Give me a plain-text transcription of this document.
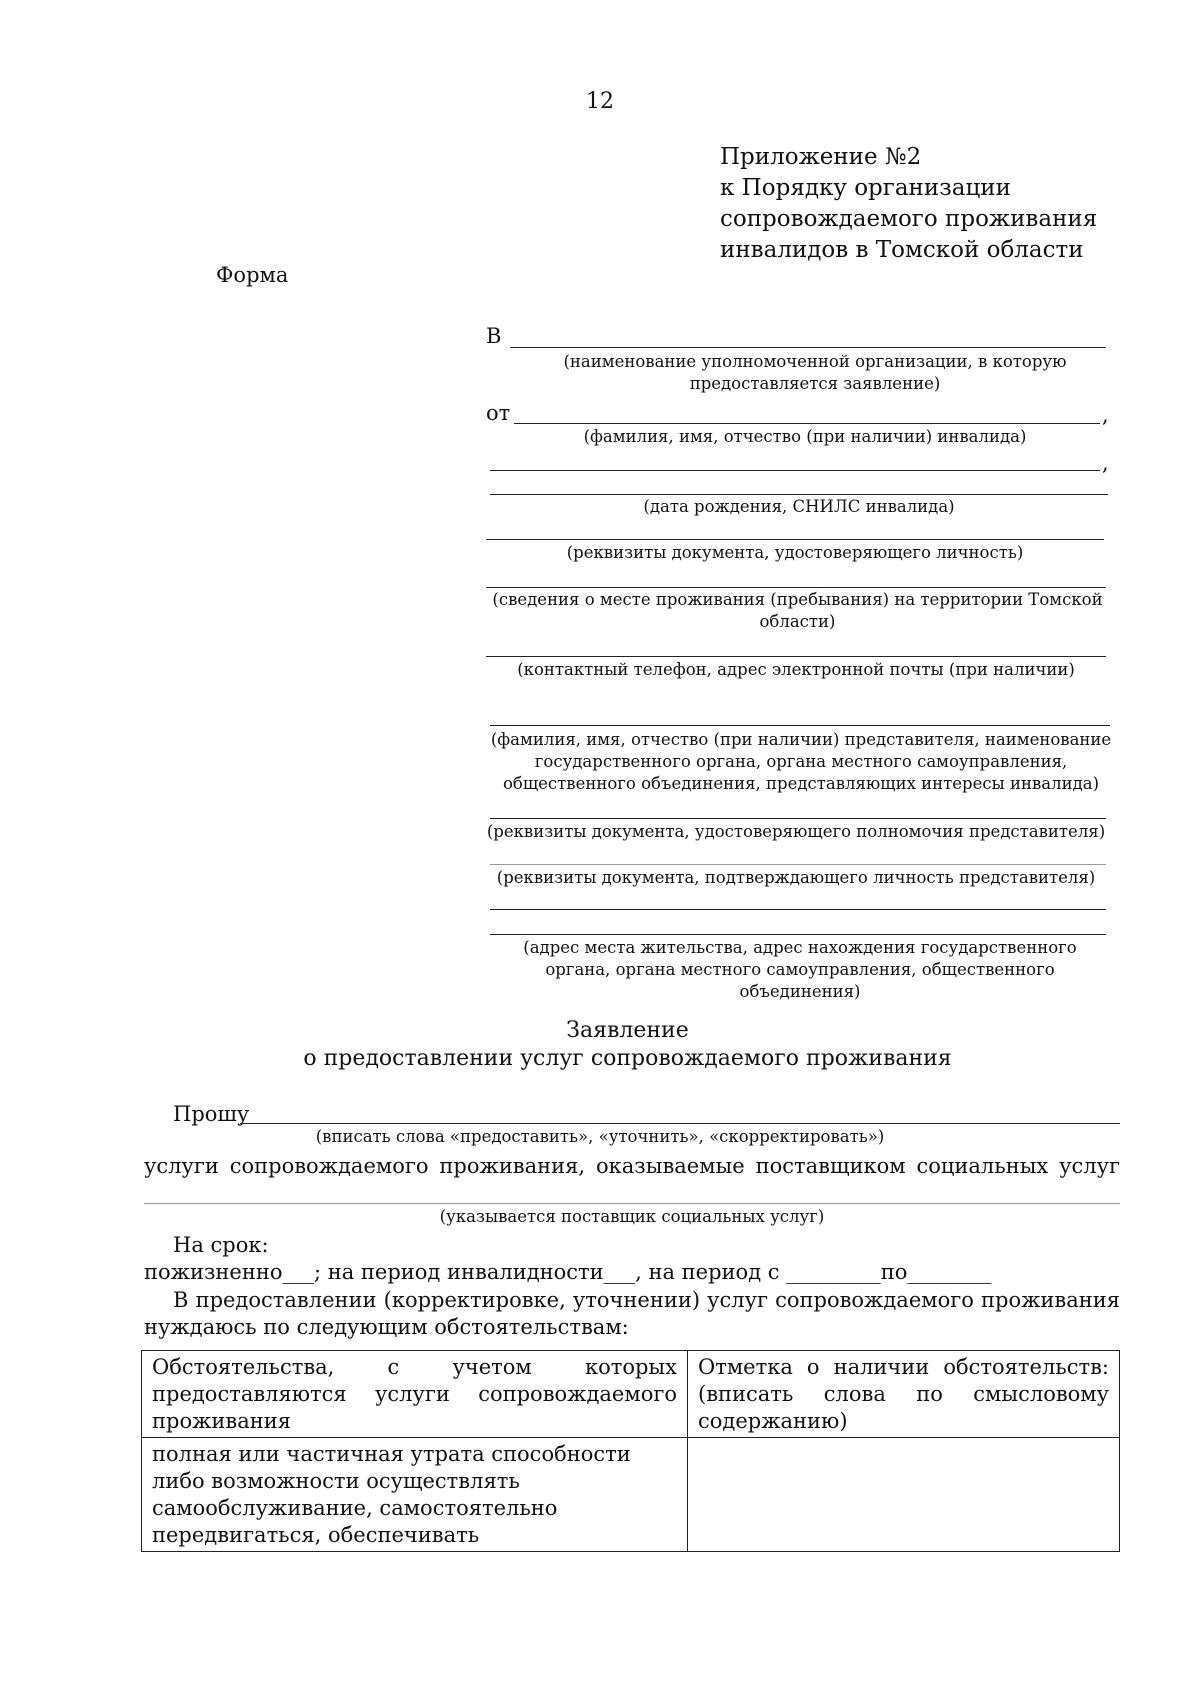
12
Приложение №2
к Порядку организации
сопровождаемого проживания
инвалидов в Томской области
Форма
В
(наименование уполномоченной организации, в которую предоставляется заявление)
от	,
(фамилия, имя, отчество (при наличии) инвалида)
,
(дата рождения, СНИЛС инвалида)
(реквизиты документа, удостоверяющего личность)
(сведения о месте проживания (пребывания) на территории Томской области)
(контактный телефон, адрес электронной почты (при наличии)
(фамилия, имя, отчество (при наличии) представителя, наименование государственного органа, органа местного самоуправления, общественного объединения, представляющих интересы инвалида)
(реквизиты документа, удостоверяющего полномочия представителя)
(реквизиты документа, подтверждающего личность представителя)
(адрес места жительства, адрес нахождения государственного органа, органа местного самоуправления, общественного объединения)
Заявление
о предоставлении услуг сопровождаемого проживания
Прошу
(вписать слова «предоставить», «уточнить», «скорректировать»)
услуги сопровождаемого проживания, оказываемые поставщиком социальных услуг
(указывается поставщик социальных услуг)
На срок:
пожизненно___; на период инвалидности___, на период с _________по________
В предоставлении (корректировке, уточнении) услуг сопровождаемого проживания нуждаюсь по следующим обстоятельствам:
Обстоятельства, с учетом которых предоставляются услуги сопровождаемого проживания	Отметка о наличии обстоятельств: (вписать слова по смысловому содержанию)
полная или частичная утрата способности либо возможности осуществлять самообслуживание, самостоятельно передвигаться, обеспечивать	
